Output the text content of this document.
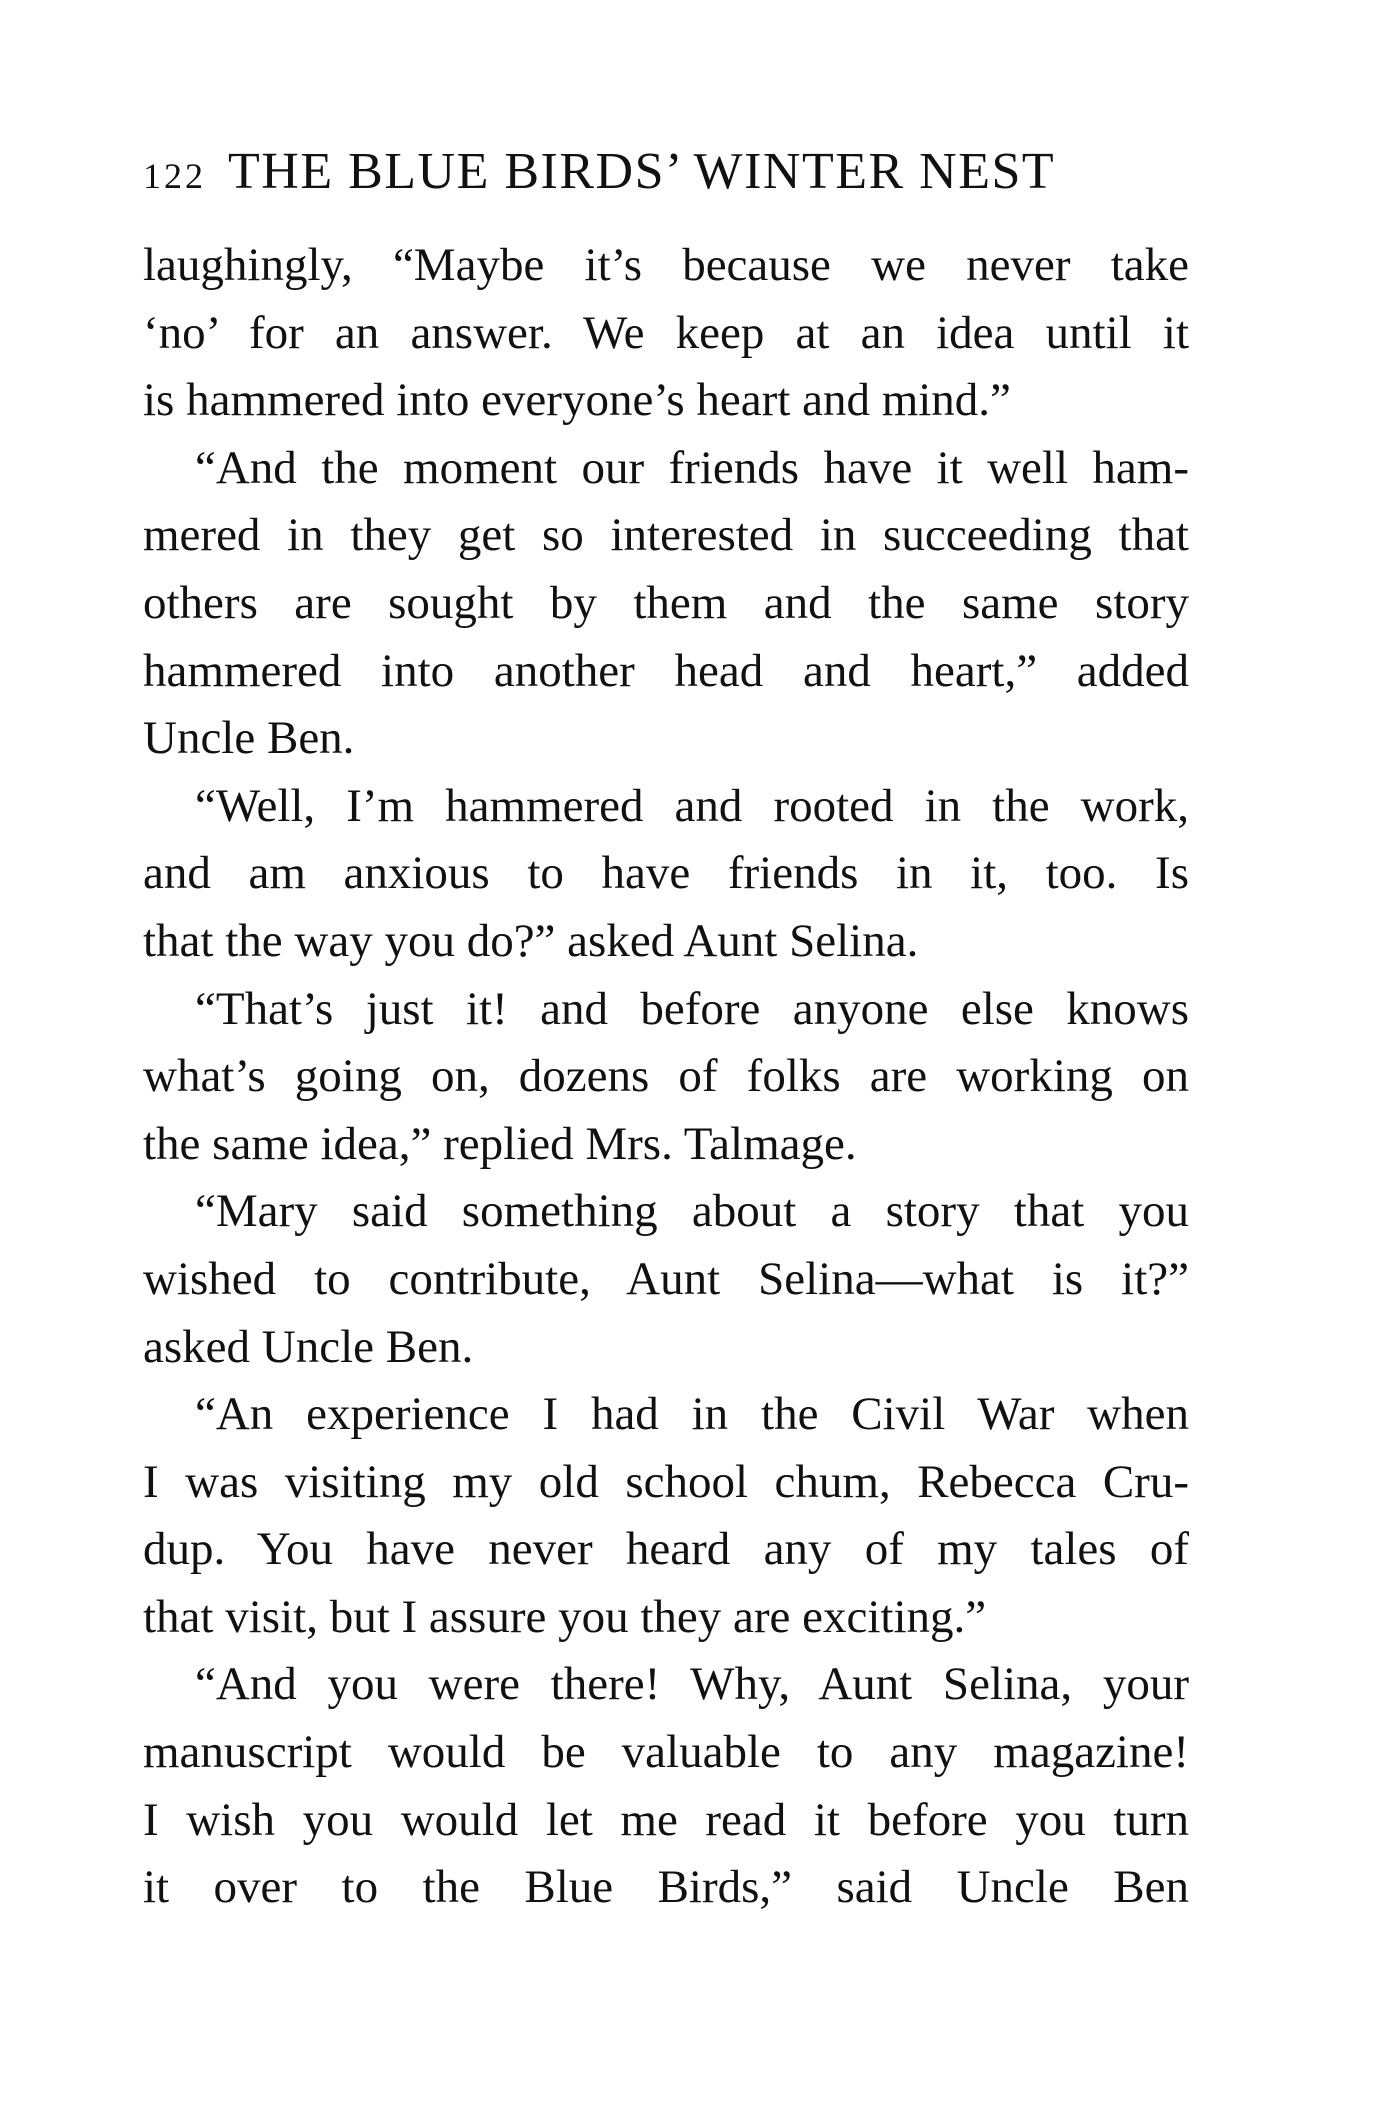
122 THE BLUE BIRDS’ WINTER NEST
laughingly, “Maybe it’s because we never take
‘no’ for an answer. We keep at an idea until it
is hammered into everyone’s heart and mind.”
“And the moment our friends have it well ham-
mered in they get so interested in succeeding that
others are sought by them and the same story
hammered into another head and heart,” added
Uncle Ben.
“Well, I’m hammered and rooted in the work,
and am anxious to have friends in it, too. Is
that the way you do?” asked Aunt Selina.
“That’s just it! and before anyone else knows
what’s going on, dozens of folks are working on
the same idea,” replied Mrs. Talmage.
“Mary said something about a story that you
wished to contribute, Aunt Selina—what is it?”
asked Uncle Ben.
“An experience I had in the Civil War when
I was visiting my old school chum, Rebecca Cru-
dup. You have never heard any of my tales of
that visit, but I assure you they are exciting.”
“And you were there! Why, Aunt Selina, your
manuscript would be valuable to any magazine!
I wish you would let me read it before you turn
it over to the Blue Birds,” said Uncle Ben
